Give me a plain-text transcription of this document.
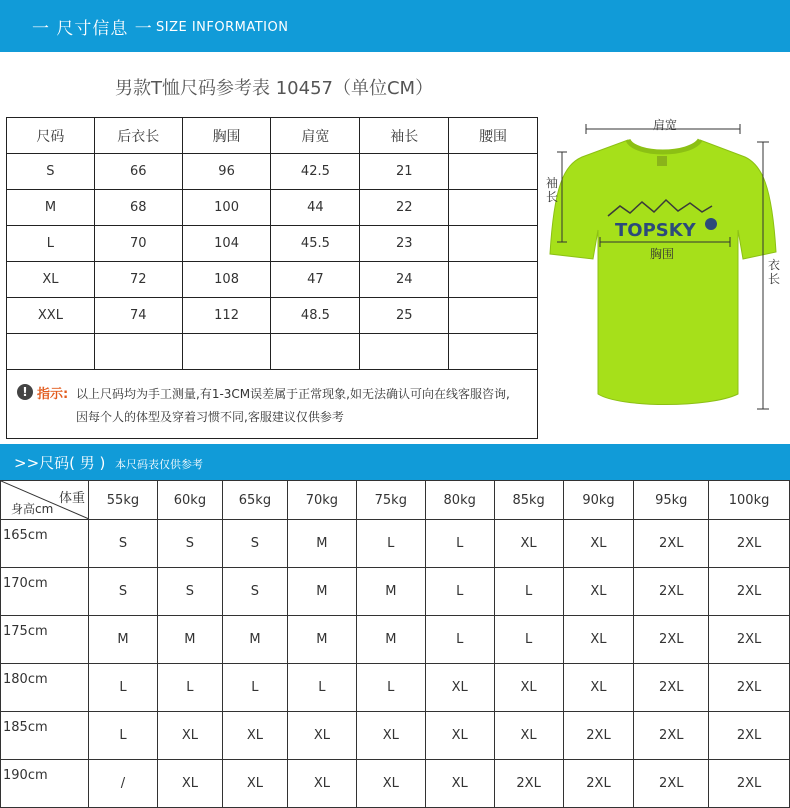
一 尺寸信息 一 SIZE INFORMATION
男款T恤尺码参考表 10457（单位CM）
尺码	后衣长	胸围	肩宽	袖长	腰围
S	66	96	42.5	21	
M	68	100	44	22	
L	70	104	45.5	23	
XL	72	108	47	24	
XXL	74	112	48.5	25	

! 指示: 以上尺码均为手工测量,有1-3CM误差属于正常现象,如无法确认可向在线客服咨询,
因每个人的体型及穿着习惯不同,客服建议仅供参考
TOPSKY
肩宽
袖长
胸围
衣长
>>尺码( 男 ) 本尺码表仅供参考
体重
身高cm	55kg	60kg	65kg	70kg	75kg	80kg	85kg	90kg	95kg	100kg
165cm	S	S	S	M	L	L	XL	XL	2XL	2XL
170cm	S	S	S	M	M	L	L	XL	2XL	2XL
175cm	M	M	M	M	M	L	L	XL	2XL	2XL
180cm	L	L	L	L	L	XL	XL	XL	2XL	2XL
185cm	L	XL	XL	XL	XL	XL	XL	2XL	2XL	2XL
190cm	/	XL	XL	XL	XL	XL	2XL	2XL	2XL	2XL
